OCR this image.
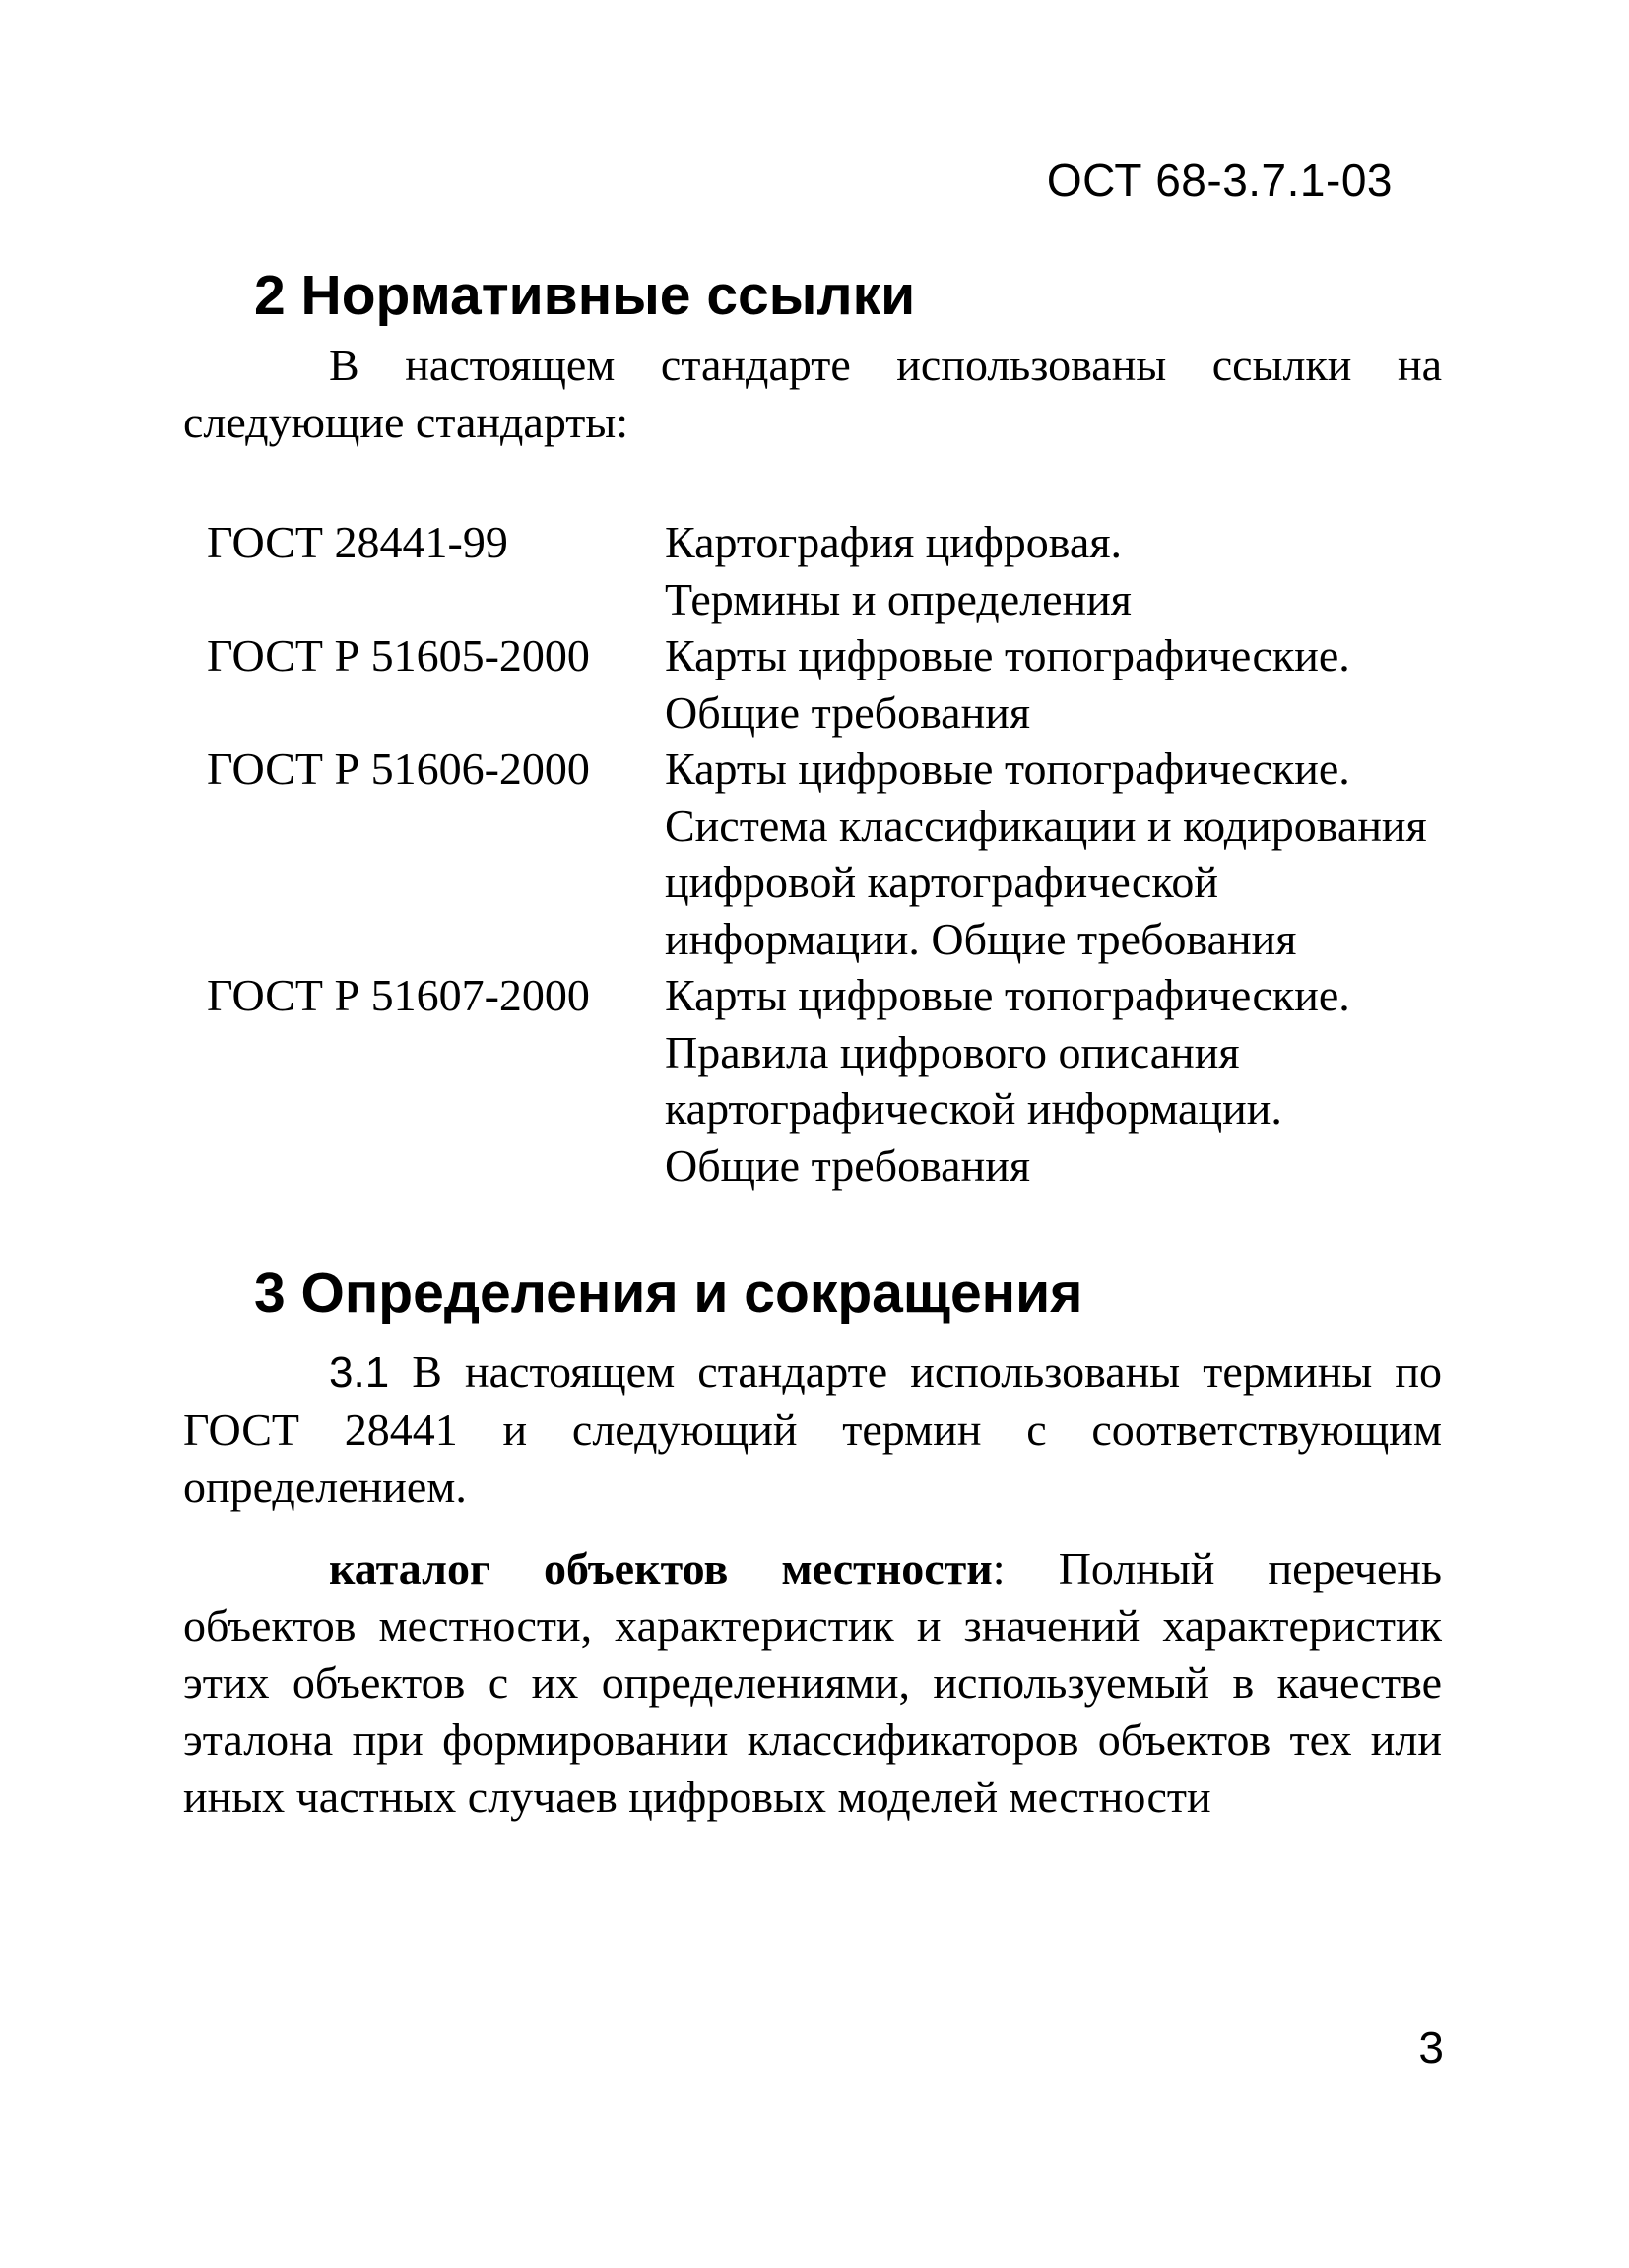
ОСТ 68-3.7.1-03
2 Нормативные ссылки
В настоящем стандарте использованы ссылки на следующие стандарты:
ГОСТ 28441-99	Картография цифровая.
Термины и определения
ГОСТ Р 51605-2000	Карты цифровые топографические.
Общие требования
ГОСТ Р 51606-2000	Карты цифровые топографические.
Система классификации и кодирования
цифровой картографической
информации. Общие требования
ГОСТ Р 51607-2000	Карты цифровые топографические.
Правила цифрового описания
картографической информации.
Общие требования
3 Определения и сокращения
3.1 В настоящем стандарте использованы термины по ГОСТ 28441 и следующий термин с соответствующим определением.
каталог объектов местности: Полный перечень объектов местности, характеристик и значений характеристик этих объектов с их определениями, используемый в качестве эталона при формировании классификаторов объектов тех или иных частных случаев цифровых моделей местности
3
